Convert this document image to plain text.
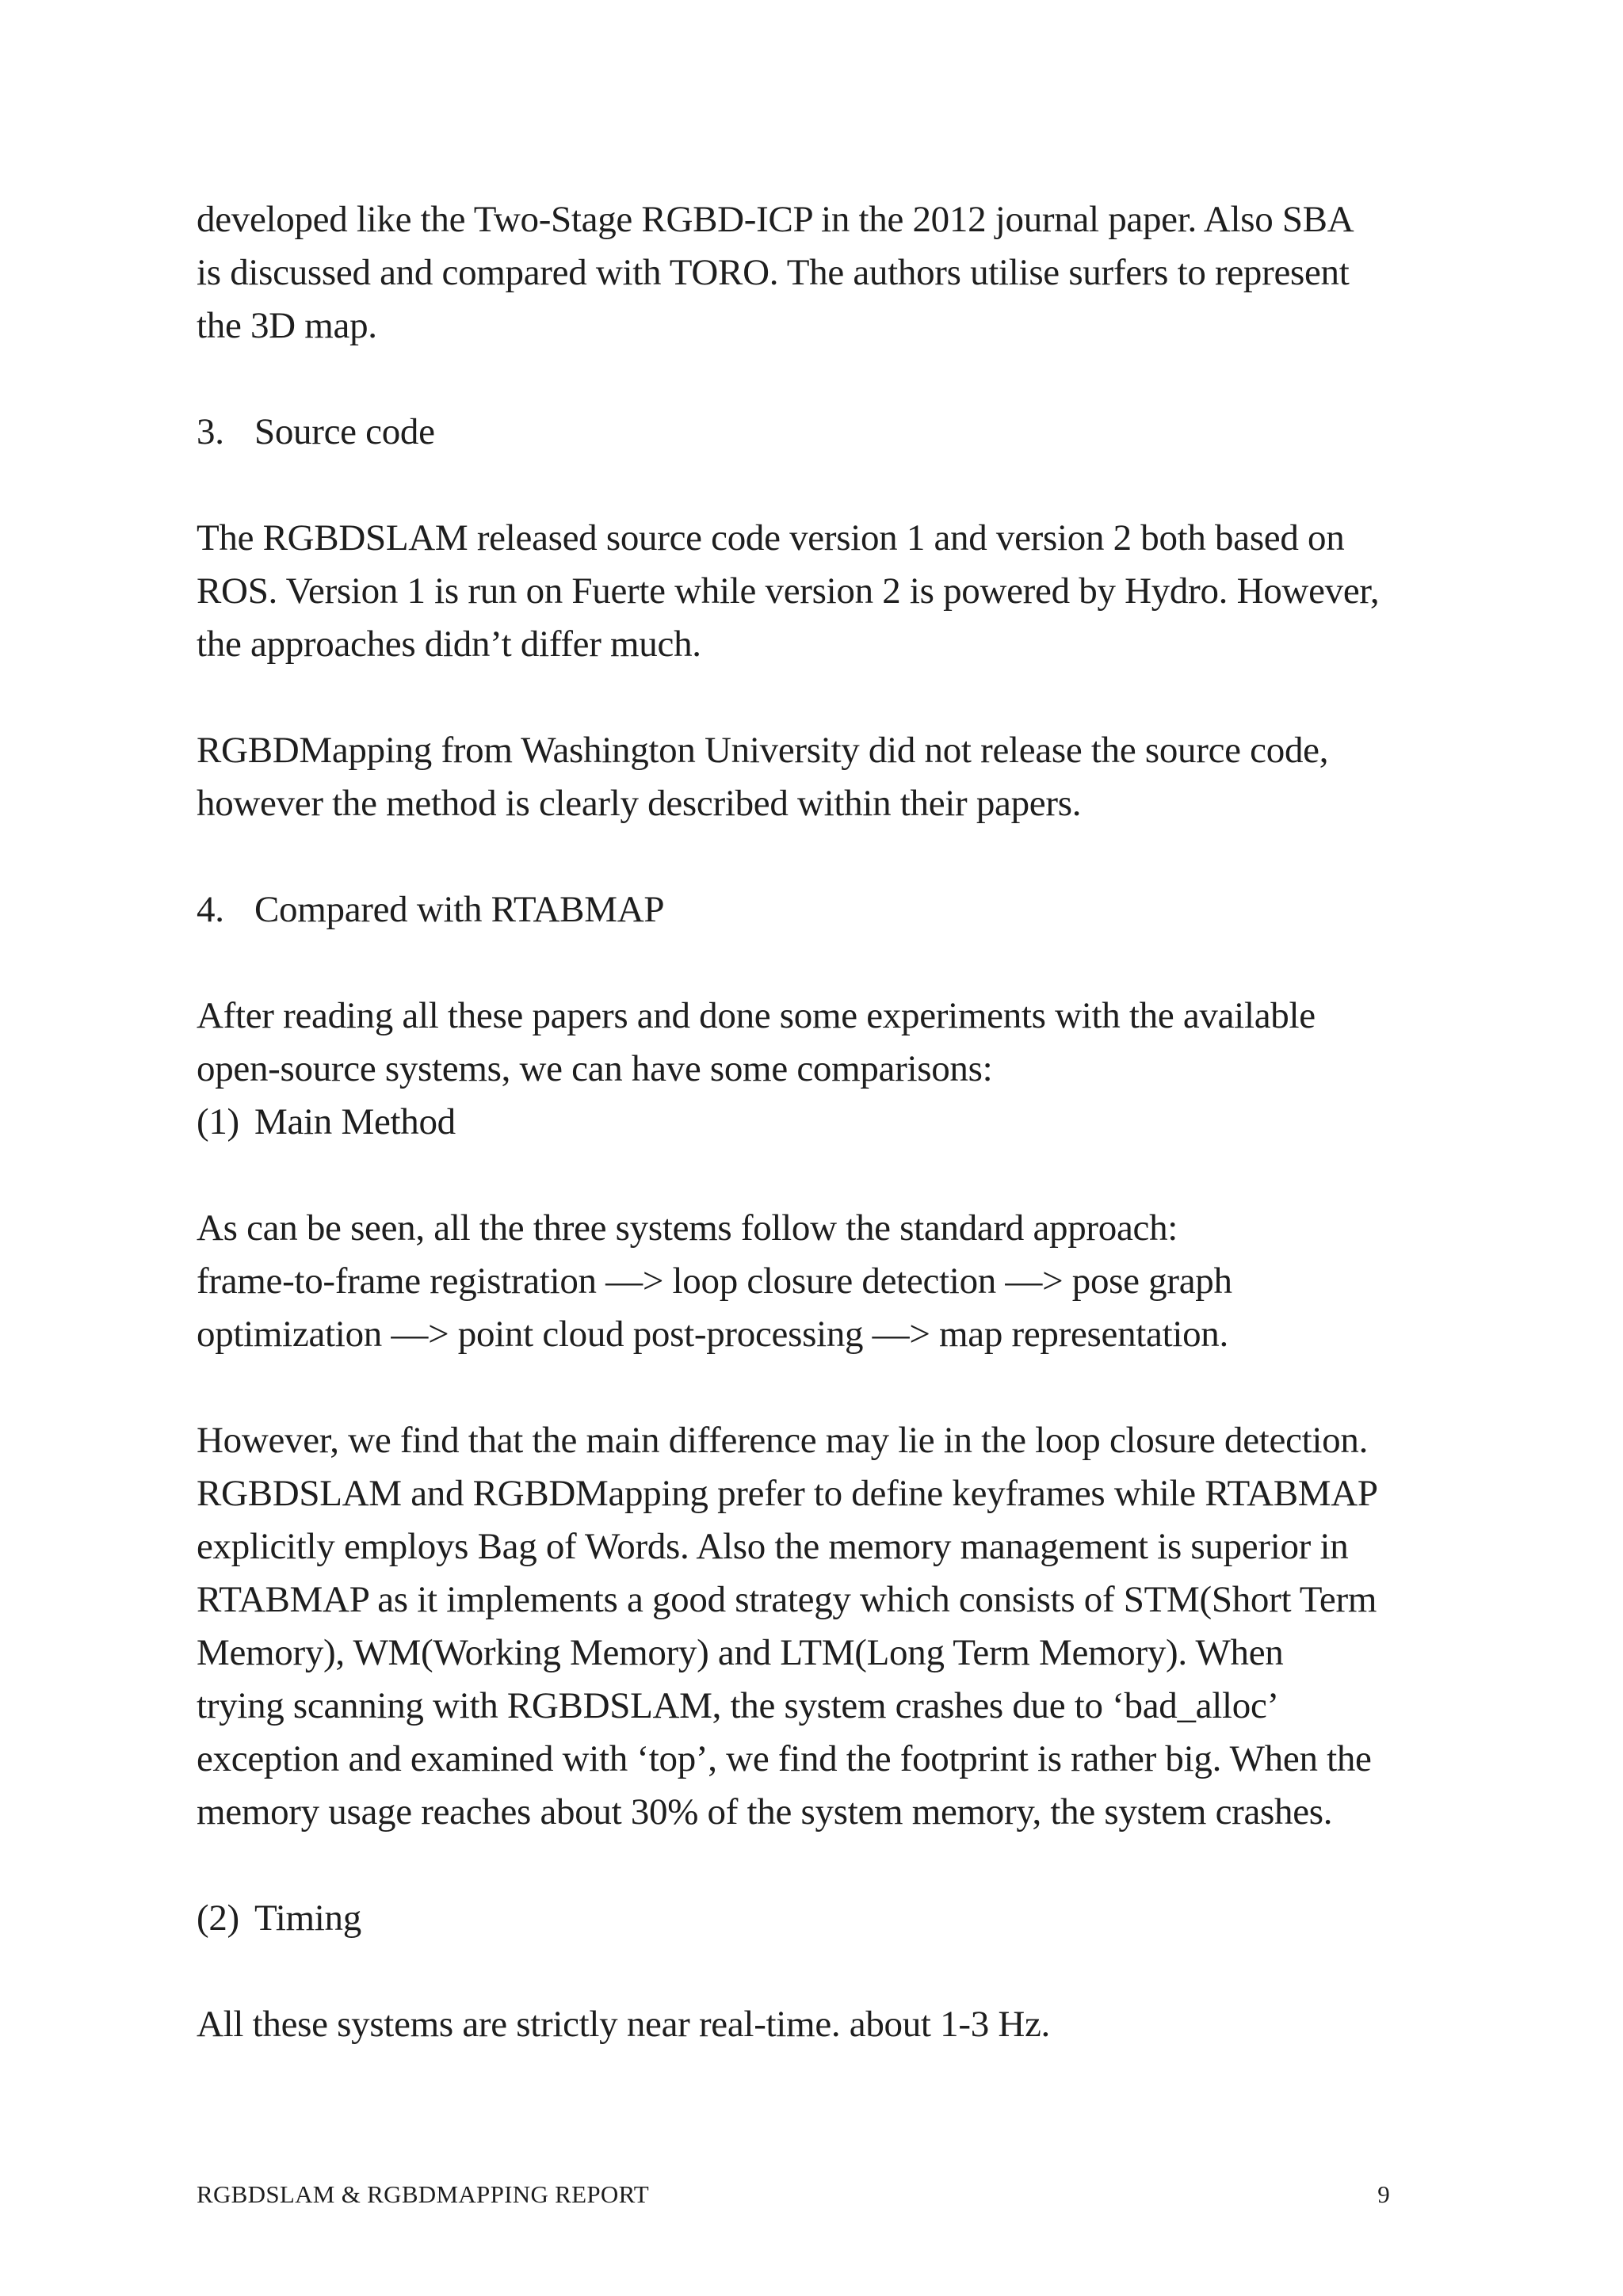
developed like the Two-Stage RGBD-ICP in the 2012 journal paper. Also SBA

is discussed and compared with TORO. The authors utilise surfers to represent

the 3D map.

3. Source code

The RGBDSLAM released source code version 1 and version 2 both based on

ROS. Version 1 is run on Fuerte while version 2 is powered by Hydro. However,

the approaches didn’t differ much.

RGBDMapping from Washington University did not release the source code,

however the method is clearly described within their papers.

4. Compared with RTABMAP

After reading all these papers and done some experiments with the available

open-source systems, we can have some comparisons:

(1) Main Method

As can be seen, all the three systems follow the standard approach:

frame-to-frame registration —> loop closure detection —> pose graph

optimization —> point cloud post-processing —> map representation.

However, we find that the main difference may lie in the loop closure detection.

RGBDSLAM and RGBDMapping prefer to define keyframes while RTABMAP

explicitly employs Bag of Words. Also the memory management is superior in

RTABMAP as it implements a good strategy which consists of STM(Short Term

Memory), WM(Working Memory) and LTM(Long Term Memory). When

trying scanning with RGBDSLAM, the system crashes due to ‘bad_alloc’

exception and examined with ‘top’, we find the footprint is rather big. When the

memory usage reaches about 30% of the system memory, the system crashes.

(2) Timing

All these systems are strictly near real-time. about 1-3 Hz.

RGBDSLAM & RGBDMAPPING REPORT	9
